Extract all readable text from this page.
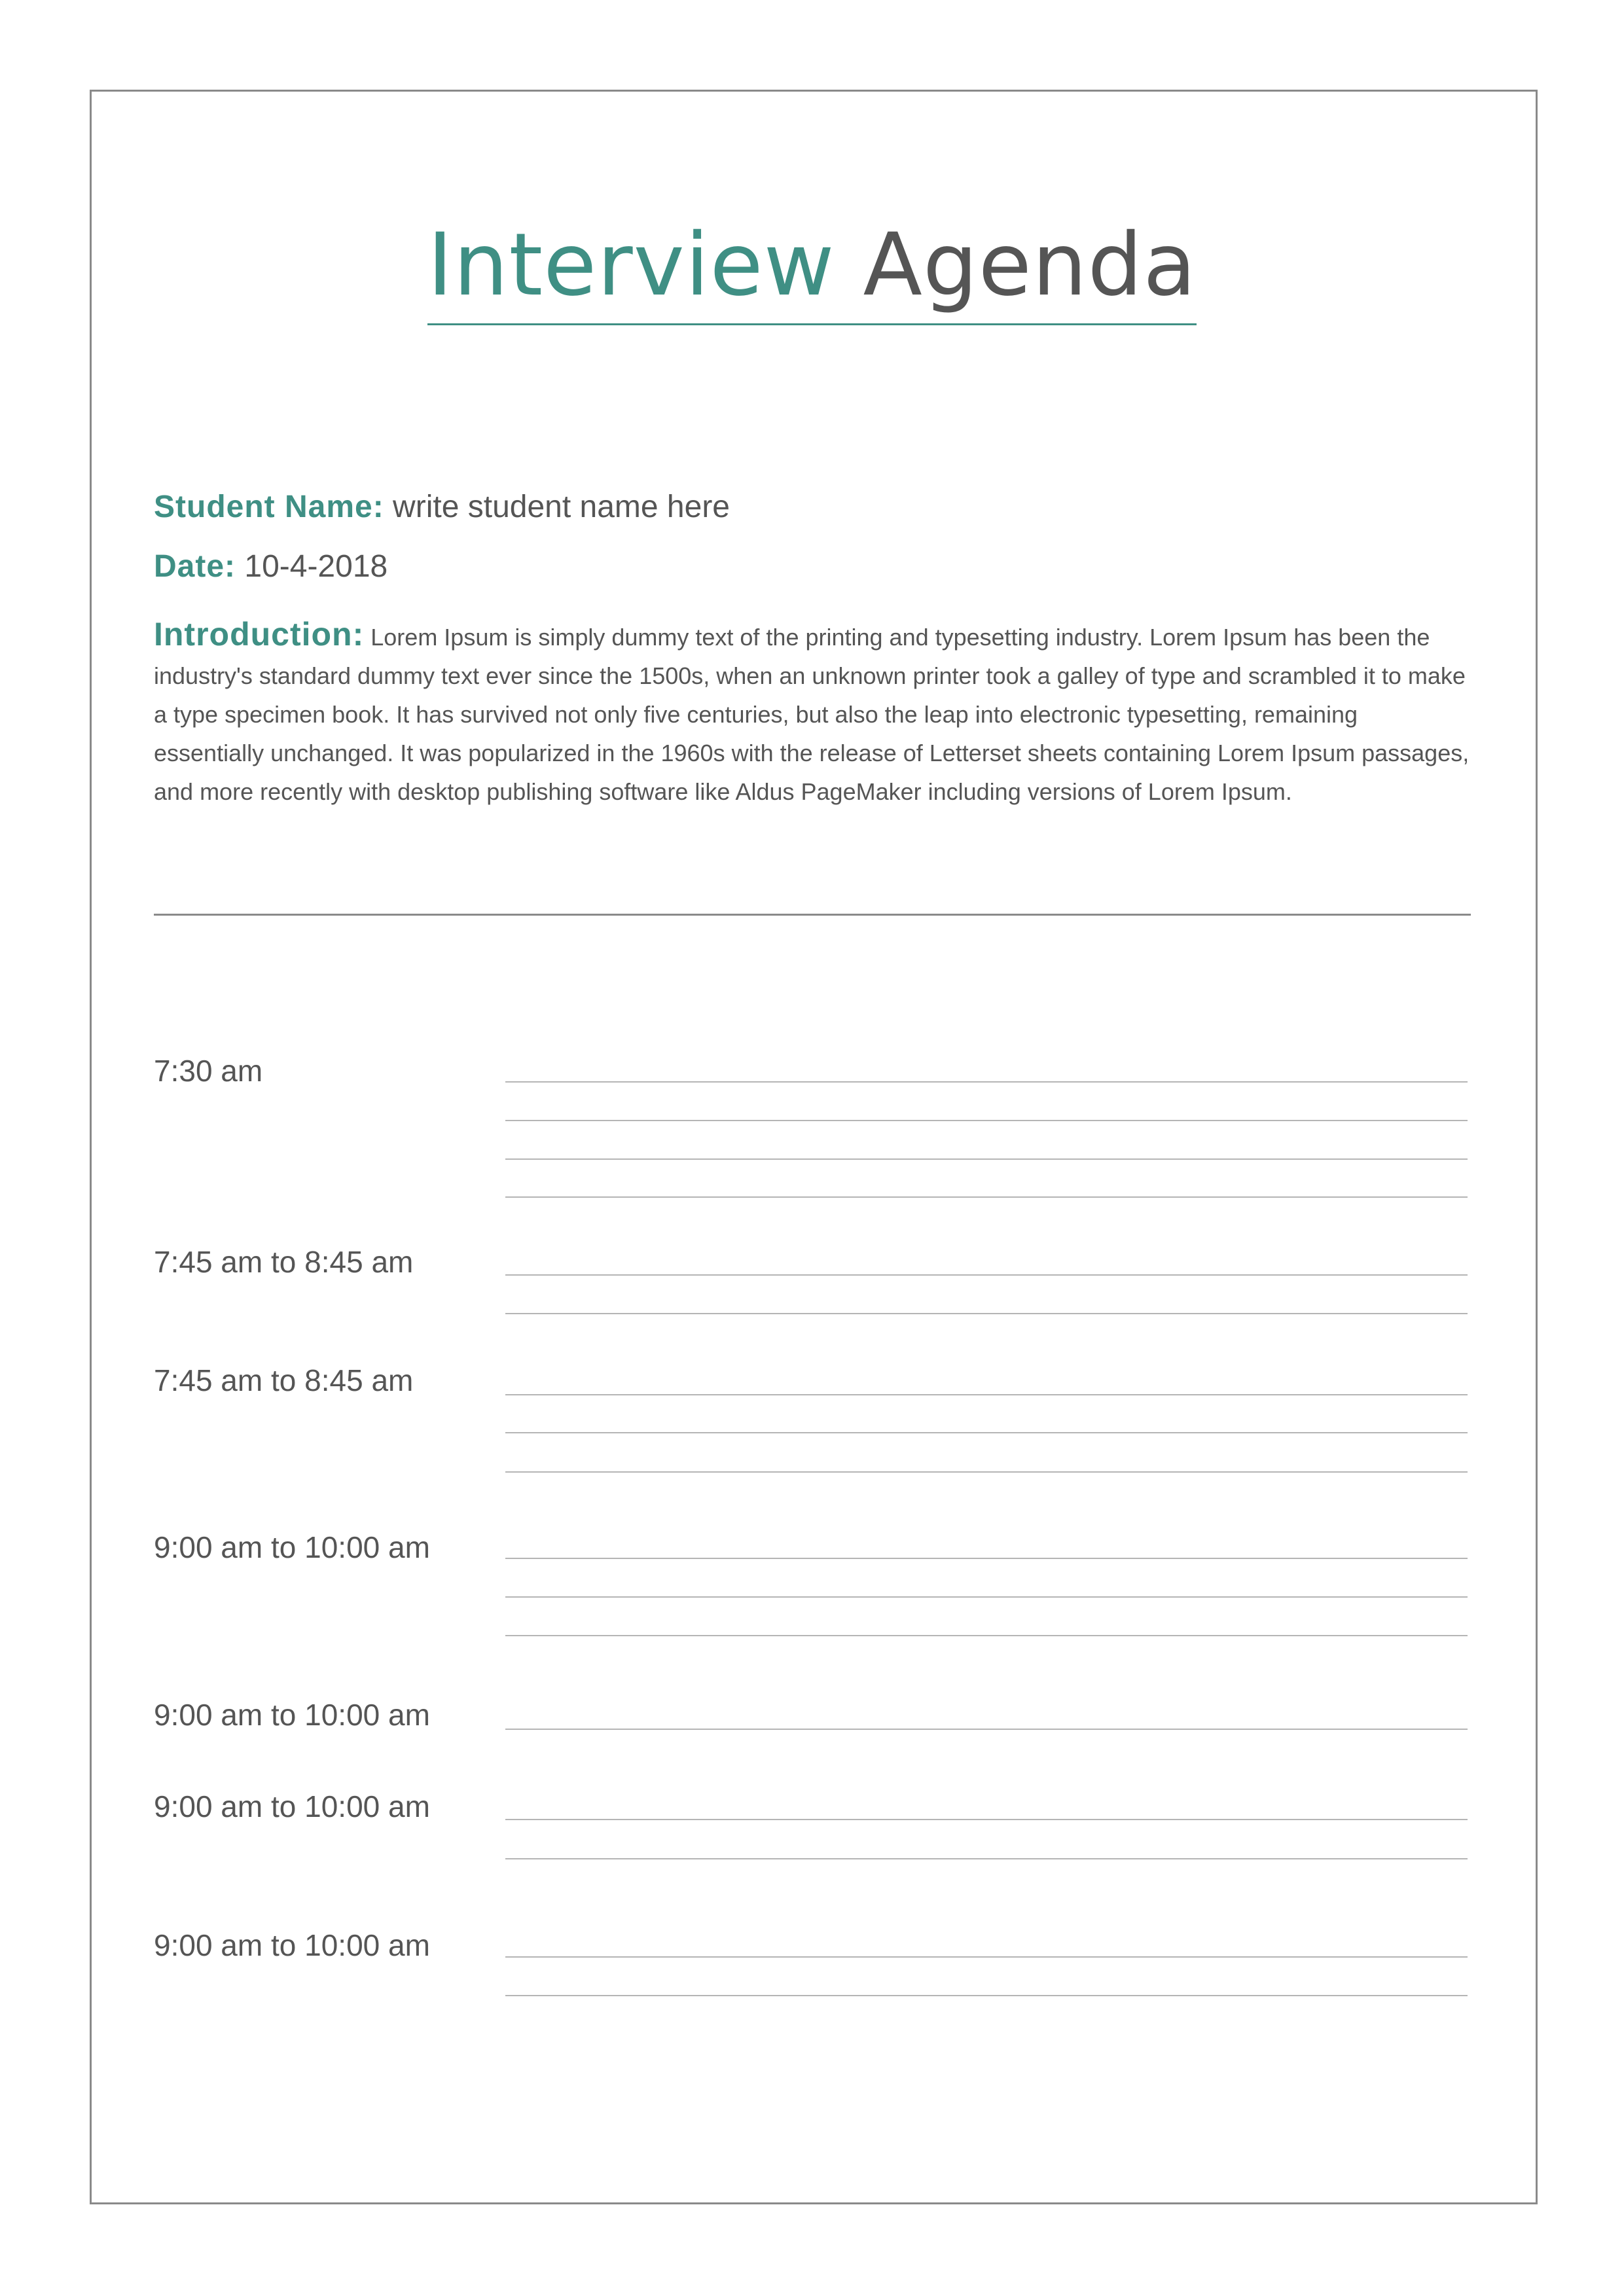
Interview Agenda
Student Name: write student name here
Date: 10-4-2018
Introduction: Lorem Ipsum is simply dummy text of the printing and typesetting industry. Lorem Ipsum has been the industry's standard dummy text ever since the 1500s, when an unknown printer took a galley of type and scrambled it to make a type specimen book. It has survived not only five centuries, but also the leap into electronic typesetting, remaining essentially unchanged. It was popularized in the 1960s with the release of Letterset sheets containing Lorem Ipsum passages, and more recently with desktop publishing software like Aldus PageMaker including versions of Lorem Ipsum.
7:30 am
7:45 am to 8:45 am
7:45 am to 8:45 am
9:00 am to 10:00 am
9:00 am to 10:00 am
9:00 am to 10:00 am
9:00 am to 10:00 am
